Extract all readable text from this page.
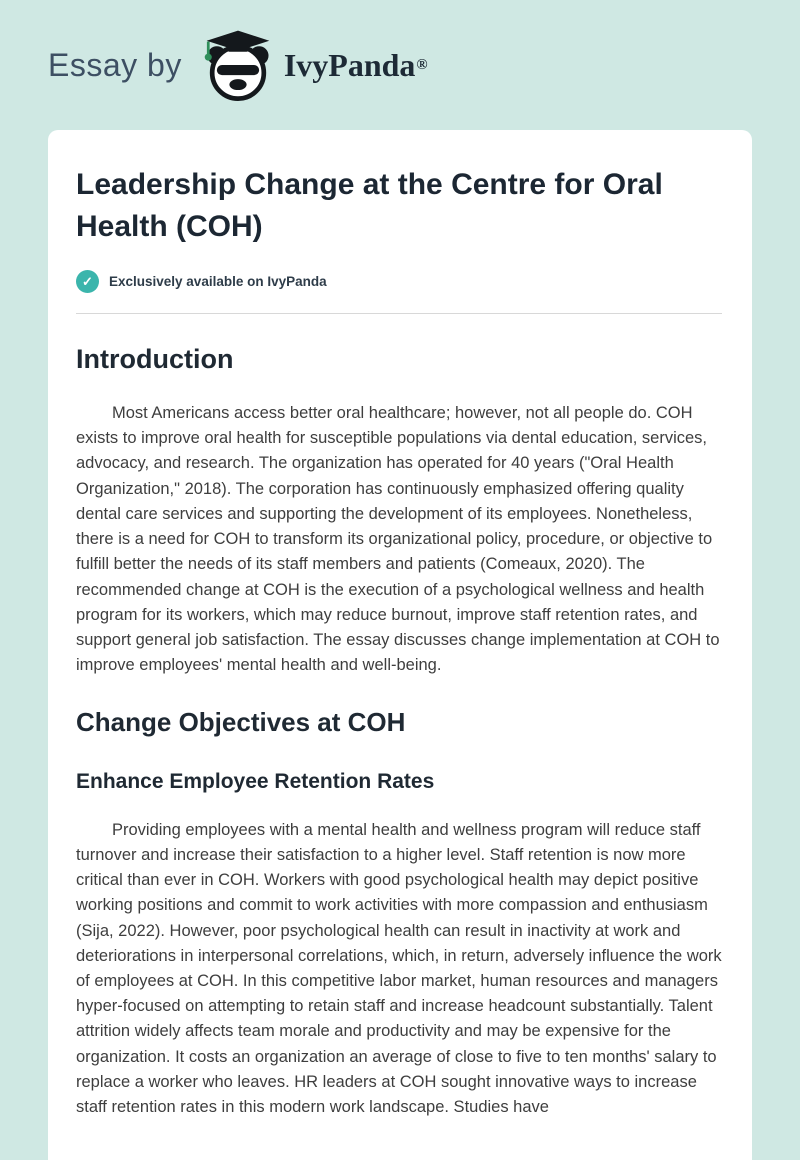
Essay by	IvyPanda ®
Leadership Change at the Centre for Oral Health (COH)
✓	Exclusively available on IvyPanda
Introduction

Most Americans access better oral healthcare; however, not all people do. COH exists to improve oral health for susceptible populations via dental education, services, advocacy, and research. The organization has operated for 40 years ("Oral Health Organization," 2018). The corporation has continuously emphasized offering quality dental care services and supporting the development of its employees. Nonetheless, there is a need for COH to transform its organizational policy, procedure, or objective to fulfill better the needs of its staff members and patients (Comeaux, 2020). The recommended change at COH is the execution of a psychological wellness and health program for its workers, which may reduce burnout, improve staff retention rates, and support general job satisfaction. The essay discusses change implementation at COH to improve employees' mental health and well-being.

Change Objectives at COH
Enhance Employee Retention Rates

Providing employees with a mental health and wellness program will reduce staff turnover and increase their satisfaction to a higher level. Staff retention is now more critical than ever in COH. Workers with good psychological health may depict positive working positions and commit to work activities with more compassion and enthusiasm (Sija, 2022). However, poor psychological health can result in inactivity at work and deteriorations in interpersonal correlations, which, in return, adversely influence the work of employees at COH. In this competitive labor market, human resources and managers hyper-focused on attempting to retain staff and increase headcount substantially. Talent attrition widely affects team morale and productivity and may be expensive for the organization. It costs an organization an average of close to five to ten months' salary to replace a worker who leaves. HR leaders at COH sought innovative ways to increase staff retention rates in this modern work landscape. Studies have
